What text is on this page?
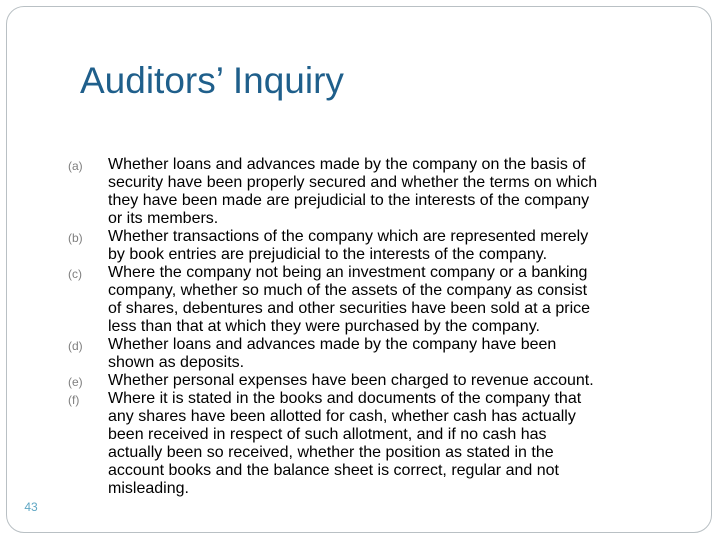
Auditors’ Inquiry
(a)	Whether loans and advances made by the company on the basis of
security have been properly secured and whether the terms on which
they have been made are prejudicial to the interests of the company
or its members.

(b)	Whether transactions of the company which are represented merely
by book entries are prejudicial to the interests of the company.

(c)	Where the company not being an investment company or a banking
company, whether so much of the assets of the company as consist
of shares, debentures and other securities have been sold at a price
less than that at which they were purchased by the company.

(d)	Whether loans and advances made by the company have been
shown as deposits.

(e)	Whether personal expenses have been charged to revenue account.

(f)	Where it is stated in the books and documents of the company that
any shares have been allotted for cash, whether cash has actually
been received in respect of such allotment, and if no cash has
actually been so received, whether the position as stated in the
account books and the balance sheet is correct, regular and not
misleading.

43
